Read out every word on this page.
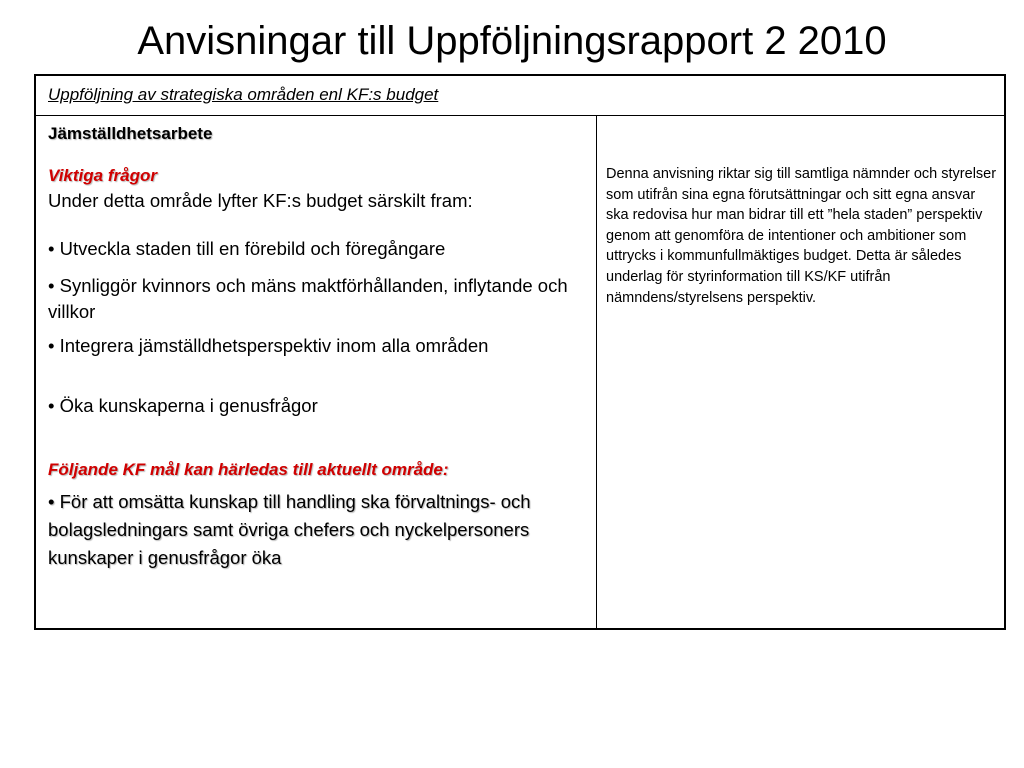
Anvisningar till Uppföljningsrapport 2 2010
Uppföljning av strategiska områden enl KF:s budget
Jämställdhetsarbete
Viktiga frågor
Under detta område lyfter KF:s budget särskilt fram:
• Utveckla staden till en förebild och föregångare
• Synliggör kvinnors och mäns maktförhållanden, inflytande och villkor
• Integrera jämställdhetsperspektiv inom alla områden
• Öka kunskaperna i genusfrågor
Följande KF mål kan härledas till aktuellt område:
• För att omsätta kunskap till handling ska förvaltnings- och bolagsledningars samt övriga chefers och nyckelpersoners kunskaper i genusfrågor öka
Denna anvisning riktar sig till samtliga nämnder och styrelser som utifrån sina egna förutsättningar och sitt egna ansvar ska redovisa hur man bidrar till ett ”hela staden” perspektiv genom att genomföra de intentioner och ambitioner som uttrycks i kommunfullmäktiges budget. Detta är således underlag för styrinformation till KS/KF utifrån nämndens/styrelsens perspektiv.
